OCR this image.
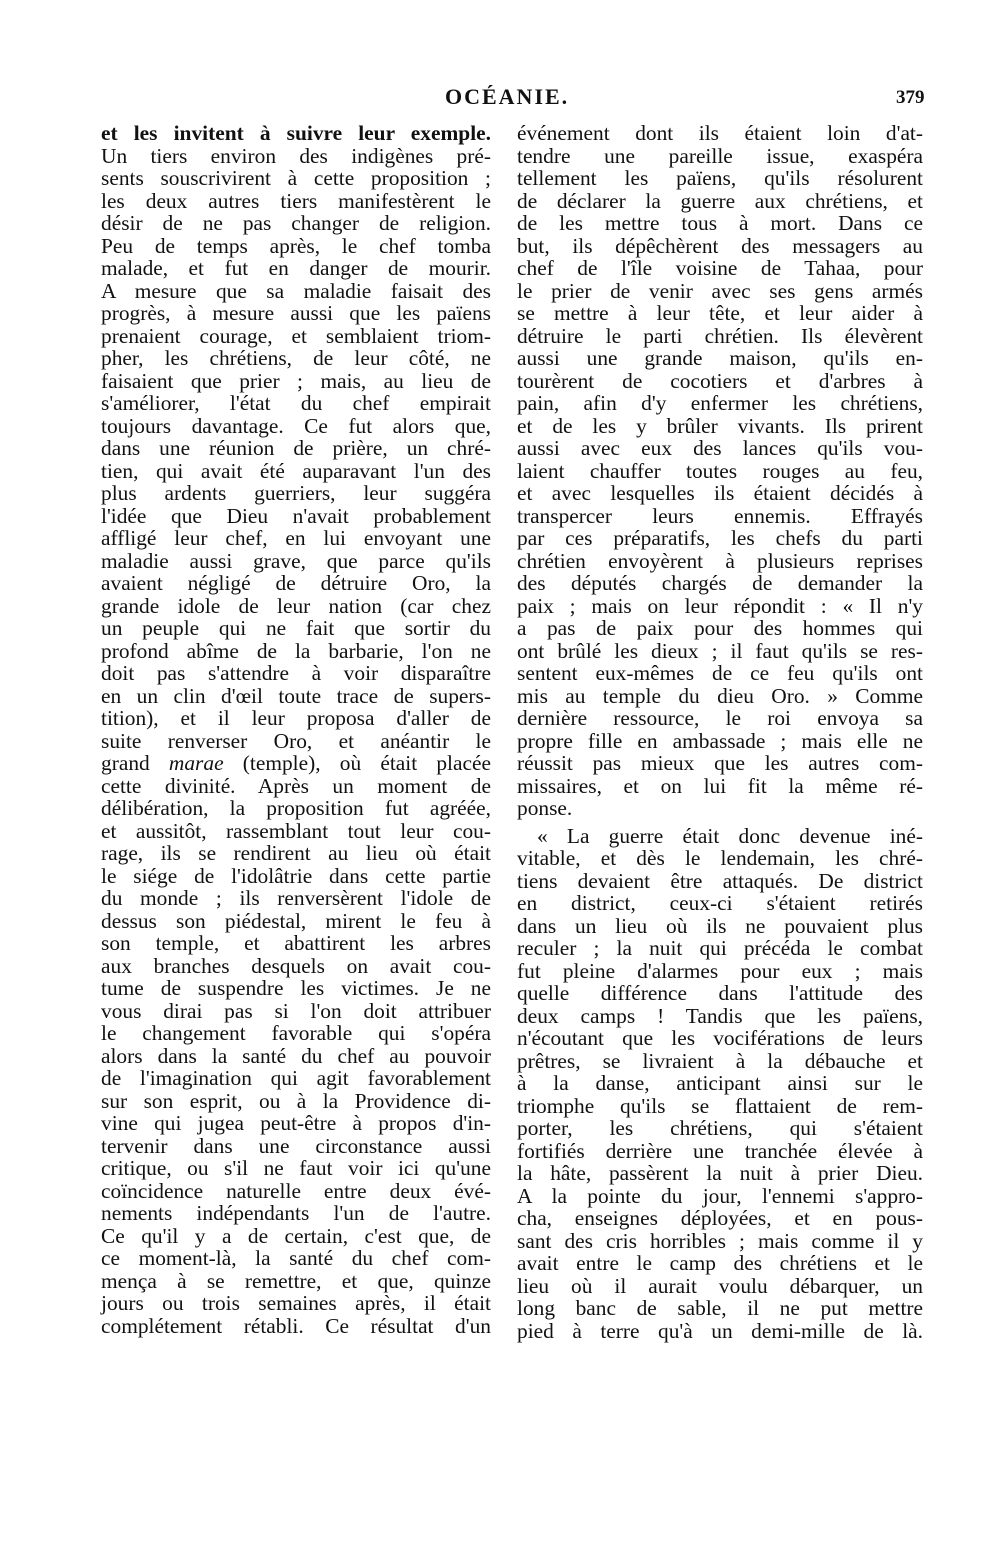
OCÉANIE.	379
et les invitent à suivre leur exemple.
Un tiers environ des indigènes pré-
sents souscrivirent à cette proposition ;
les deux autres tiers manifestèrent le
désir de ne pas changer de religion.
Peu de temps après, le chef tomba
malade, et fut en danger de mourir.
A mesure que sa maladie faisait des
progrès, à mesure aussi que les païens
prenaient courage, et semblaient triom-
pher, les chrétiens, de leur côté, ne
faisaient que prier ; mais, au lieu de
s'améliorer, l'état du chef empirait
toujours davantage. Ce fut alors que,
dans une réunion de prière, un chré-
tien, qui avait été auparavant l'un des
plus ardents guerriers, leur suggéra
l'idée que Dieu n'avait probablement
affligé leur chef, en lui envoyant une
maladie aussi grave, que parce qu'ils
avaient négligé de détruire Oro, la
grande idole de leur nation (car chez
un peuple qui ne fait que sortir du
profond abîme de la barbarie, l'on ne
doit pas s'attendre à voir disparaître
en un clin d'œil toute trace de supers-
tition), et il leur proposa d'aller de
suite renverser Oro, et anéantir le
grand marae (temple), où était placée
cette divinité. Après un moment de
délibération, la proposition fut agréée,
et aussitôt, rassemblant tout leur cou-
rage, ils se rendirent au lieu où était
le siége de l'idolâtrie dans cette partie
du monde ; ils renversèrent l'idole de
dessus son piédestal, mirent le feu à
son temple, et abattirent les arbres
aux branches desquels on avait cou-
tume de suspendre les victimes. Je ne
vous dirai pas si l'on doit attribuer
le changement favorable qui s'opéra
alors dans la santé du chef au pouvoir
de l'imagination qui agit favorablement
sur son esprit, ou à la Providence di-
vine qui jugea peut-être à propos d'in-
tervenir dans une circonstance aussi
critique, ou s'il ne faut voir ici qu'une
coïncidence naturelle entre deux évé-
nements indépendants l'un de l'autre.
Ce qu'il y a de certain, c'est que, de
ce moment-là, la santé du chef com-
mença à se remettre, et que, quinze
jours ou trois semaines après, il était
complétement rétabli. Ce résultat d'un
événement dont ils étaient loin d'at-
tendre une pareille issue, exaspéra
tellement les païens, qu'ils résolurent
de déclarer la guerre aux chrétiens, et
de les mettre tous à mort. Dans ce
but, ils dépêchèrent des messagers au
chef de l'île voisine de Tahaa, pour
le prier de venir avec ses gens armés
se mettre à leur tête, et leur aider à
détruire le parti chrétien. Ils élevèrent
aussi une grande maison, qu'ils en-
tourèrent de cocotiers et d'arbres à
pain, afin d'y enfermer les chrétiens,
et de les y brûler vivants. Ils prirent
aussi avec eux des lances qu'ils vou-
laient chauffer toutes rouges au feu,
et avec lesquelles ils étaient décidés à
transpercer leurs ennemis. Effrayés
par ces préparatifs, les chefs du parti
chrétien envoyèrent à plusieurs reprises
des députés chargés de demander la
paix ; mais on leur répondit : « Il n'y
a pas de paix pour des hommes qui
ont brûlé les dieux ; il faut qu'ils se res-
sentent eux-mêmes de ce feu qu'ils ont
mis au temple du dieu Oro. » Comme
dernière ressource, le roi envoya sa
propre fille en ambassade ; mais elle ne
réussit pas mieux que les autres com-
missaires, et on lui fit la même ré-
ponse.
« La guerre était donc devenue iné-
vitable, et dès le lendemain, les chré-
tiens devaient être attaqués. De district
en district, ceux-ci s'étaient retirés
dans un lieu où ils ne pouvaient plus
reculer ; la nuit qui précéda le combat
fut pleine d'alarmes pour eux ; mais
quelle différence dans l'attitude des
deux camps ! Tandis que les païens,
n'écoutant que les vociférations de leurs
prêtres, se livraient à la débauche et
à la danse, anticipant ainsi sur le
triomphe qu'ils se flattaient de rem-
porter, les chrétiens, qui s'étaient
fortifiés derrière une tranchée élevée à
la hâte, passèrent la nuit à prier Dieu.
A la pointe du jour, l'ennemi s'appro-
cha, enseignes déployées, et en pous-
sant des cris horribles ; mais comme il y
avait entre le camp des chrétiens et le
lieu où il aurait voulu débarquer, un
long banc de sable, il ne put mettre
pied à terre qu'à un demi-mille de là.
